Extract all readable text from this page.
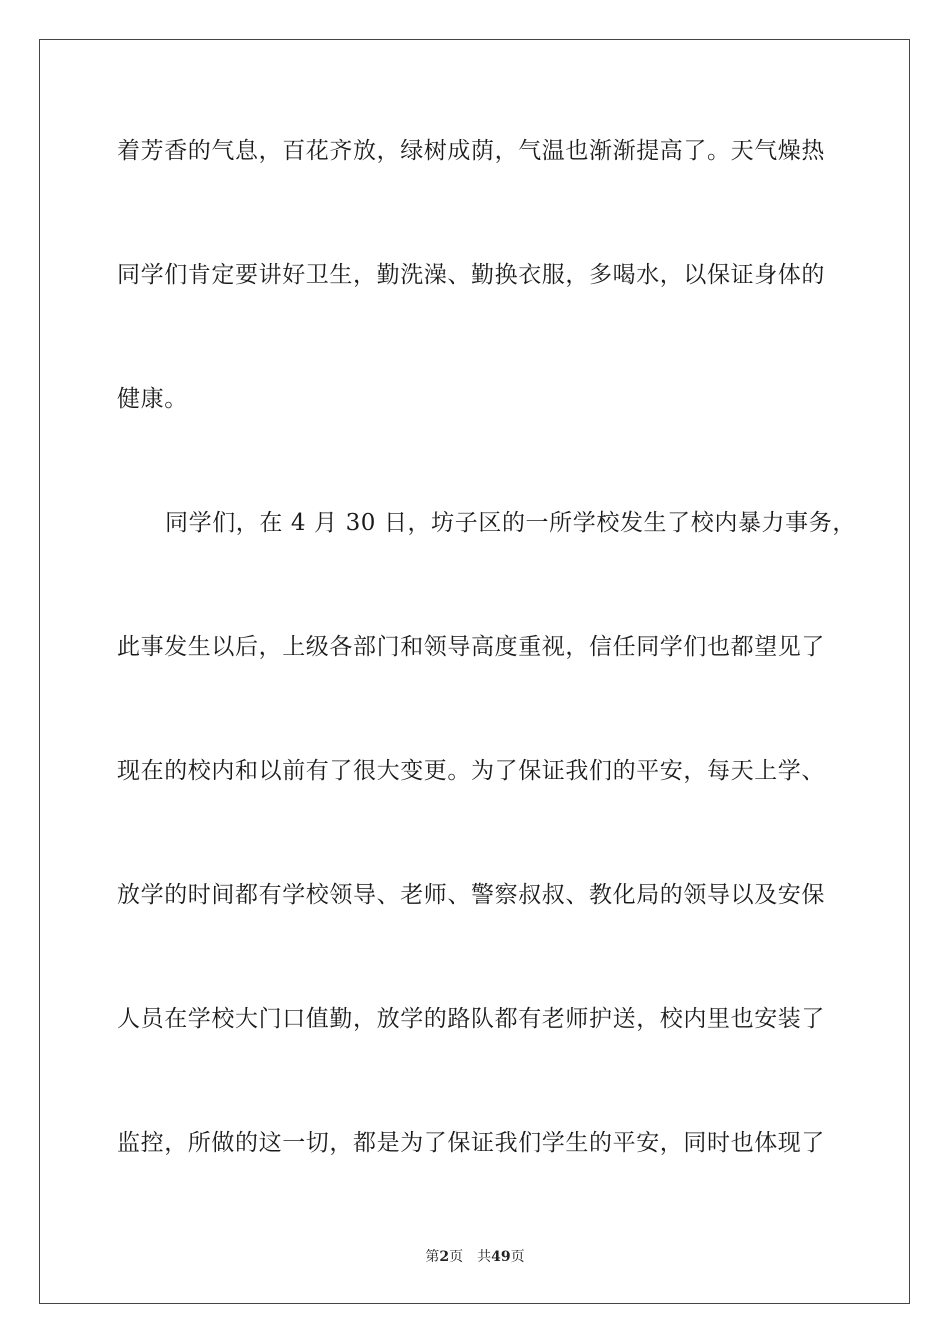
着芳香的气息，百花齐放，绿树成荫，气温也渐渐提高了。天气燥热
同学们肯定要讲好卫生，勤洗澡、勤换衣服，多喝水，以保证身体的
健康。
同学们，在 4 月 30 日，坊子区的一所学校发生了校内暴力事务，
此事发生以后，上级各部门和领导高度重视，信任同学们也都望见了
现在的校内和以前有了很大变更。为了保证我们的平安，每天上学、
放学的时间都有学校领导、老师、警察叔叔、教化局的领导以及安保
人员在学校大门口值勤，放学的路队都有老师护送，校内里也安装了
监控，所做的这一切，都是为了保证我们学生的平安，同时也体现了
第2页 共49页
